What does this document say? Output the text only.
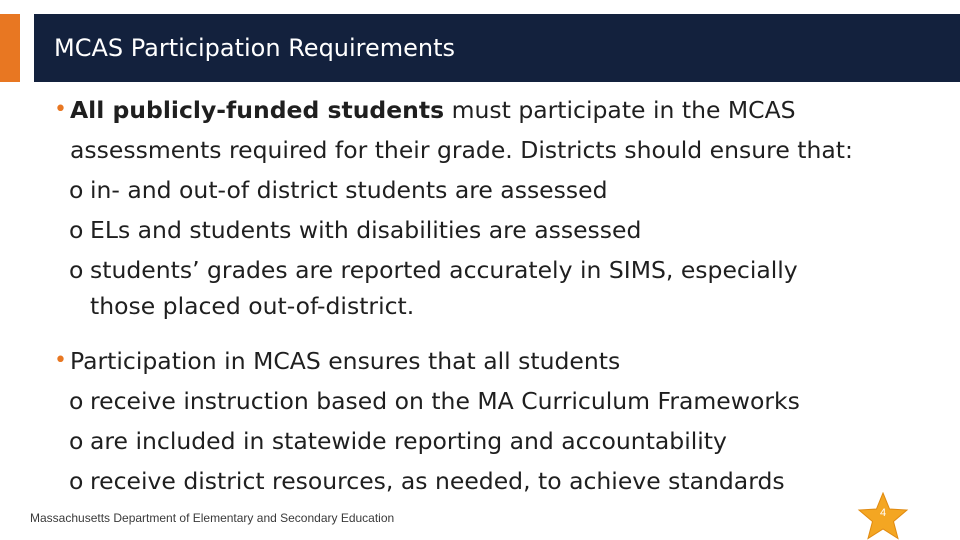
MCAS Participation Requirements
• All publicly-funded students must participate in the MCAS
assessments required for their grade. Districts should ensure that:
o in- and out-of district students are assessed
o ELs and students with disabilities are assessed
o students’ grades are reported accurately in SIMS, especially
those placed out-of-district.
• Participation in MCAS ensures that all students
o receive instruction based on the MA Curriculum Frameworks
o are included in statewide reporting and accountability
o receive district resources, as needed, to achieve standards
Massachusetts Department of Elementary and Secondary Education	4
